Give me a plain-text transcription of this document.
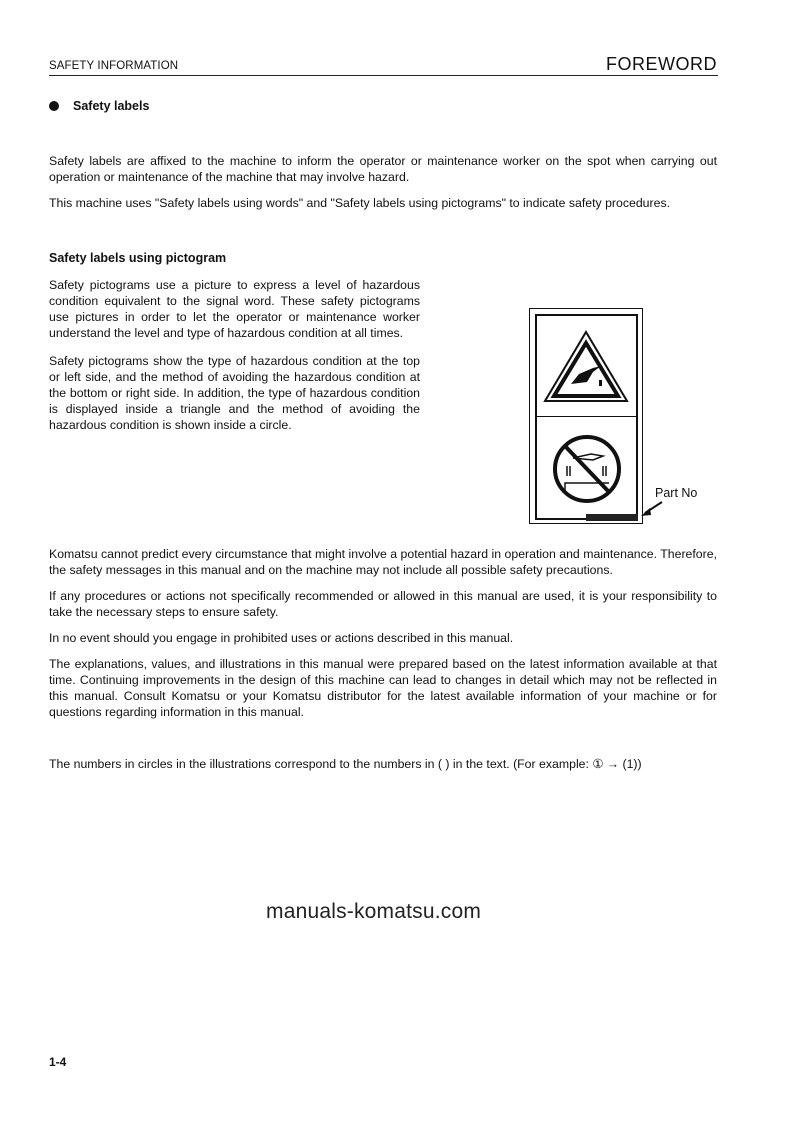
SAFETY INFORMATION	FOREWORD
Safety labels

Safety labels are affixed to the machine to inform the operator or maintenance worker on the spot when carrying out operation or maintenance of the machine that may involve hazard.

This machine uses "Safety labels using words" and "Safety labels using pictograms" to indicate safety procedures.

Safety labels using pictogram

Safety pictograms use a picture to express a level of hazardous condition equivalent to the signal word. These safety pictograms use pictures in order to let the operator or maintenance worker understand the level and type of hazardous condition at all times.

Safety pictograms show the type of hazardous condition at the top or left side, and the method of avoiding the hazardous condition at the bottom or right side. In addition, the type of hazardous condition is displayed inside a triangle and the method of avoiding the hazardous condition is shown inside a circle.

Part No

Komatsu cannot predict every circumstance that might involve a potential hazard in operation and maintenance. Therefore, the safety messages in this manual and on the machine may not include all possible safety precautions.

If any procedures or actions not specifically recommended or allowed in this manual are used, it is your responsibility to take the necessary steps to ensure safety.

In no event should you engage in prohibited uses or actions described in this manual.

The explanations, values, and illustrations in this manual were prepared based on the latest information available at that time. Continuing improvements in the design of this machine can lead to changes in detail which may not be reflected in this manual. Consult Komatsu or your Komatsu distributor for the latest available information of your machine or for questions regarding information in this manual.

The numbers in circles in the illustrations correspond to the numbers in ( ) in the text. (For example: ① → (1))

manuals-komatsu.com
1-4
